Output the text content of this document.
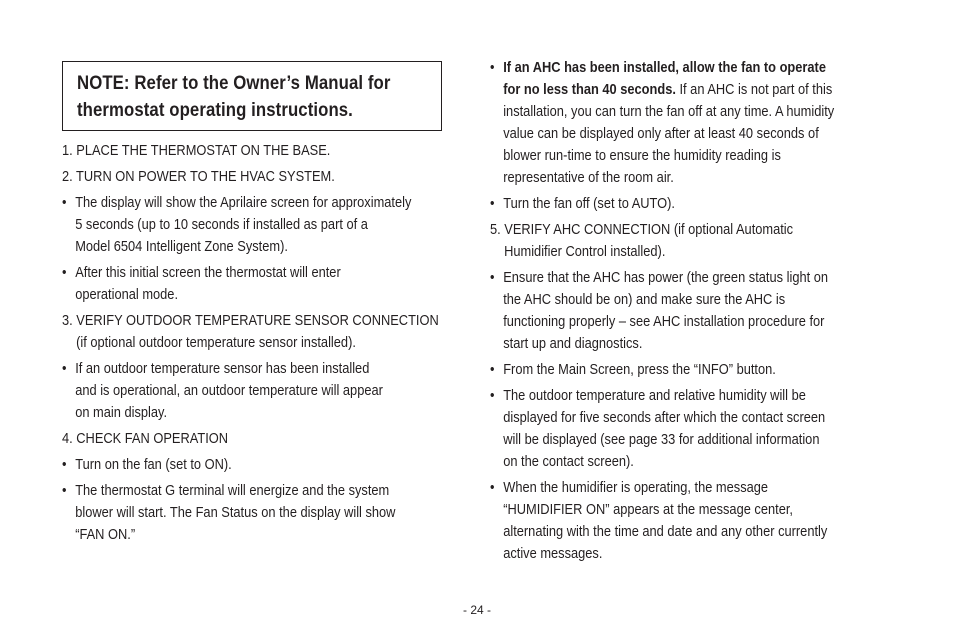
NOTE: Refer to the Owner’s Manual for thermostat operating instructions.

1. PLACE THE THERMOSTAT ON THE BASE.

2. TURN ON POWER TO THE HVAC SYSTEM.

• The display will show the Aprilaire screen for approximately
5 seconds (up to 10 seconds if installed as part of a
Model 6504 Intelligent Zone System).
• After this initial screen the thermostat will enter
operational mode.
3. VERIFY OUTDOOR TEMPERATURE SENSOR CONNECTION
(if optional outdoor temperature sensor installed).
• If an outdoor temperature sensor has been installed
and is operational, an outdoor temperature will appear
on main display.

4. CHECK FAN OPERATION

• Turn on the fan (set to ON).
• The thermostat G terminal will energize and the system
blower will start. The Fan Status on the display will show
“FAN ON.”
• If an AHC has been installed, allow the fan to operate
for no less than 40 seconds. If an AHC is not part of this
installation, you can turn the fan off at any time. A humidity
value can be displayed only after at least 40 seconds of
blower run-time to ensure the humidity reading is
representative of the room air.
• Turn the fan off (set to AUTO).
5. VERIFY AHC CONNECTION (if optional Automatic
Humidifier Control installed).
• Ensure that the AHC has power (the green status light on
the AHC should be on) and make sure the AHC is
functioning properly – see AHC installation procedure for
start up and diagnostics.
• From the Main Screen, press the “INFO” button.
• The outdoor temperature and relative humidity will be
displayed for five seconds after which the contact screen
will be displayed (see page 33 for additional information
on the contact screen).
• When the humidifier is operating, the message
“HUMIDIFIER ON” appears at the message center,
alternating with the time and date and any other currently
active messages.
- 24 -
